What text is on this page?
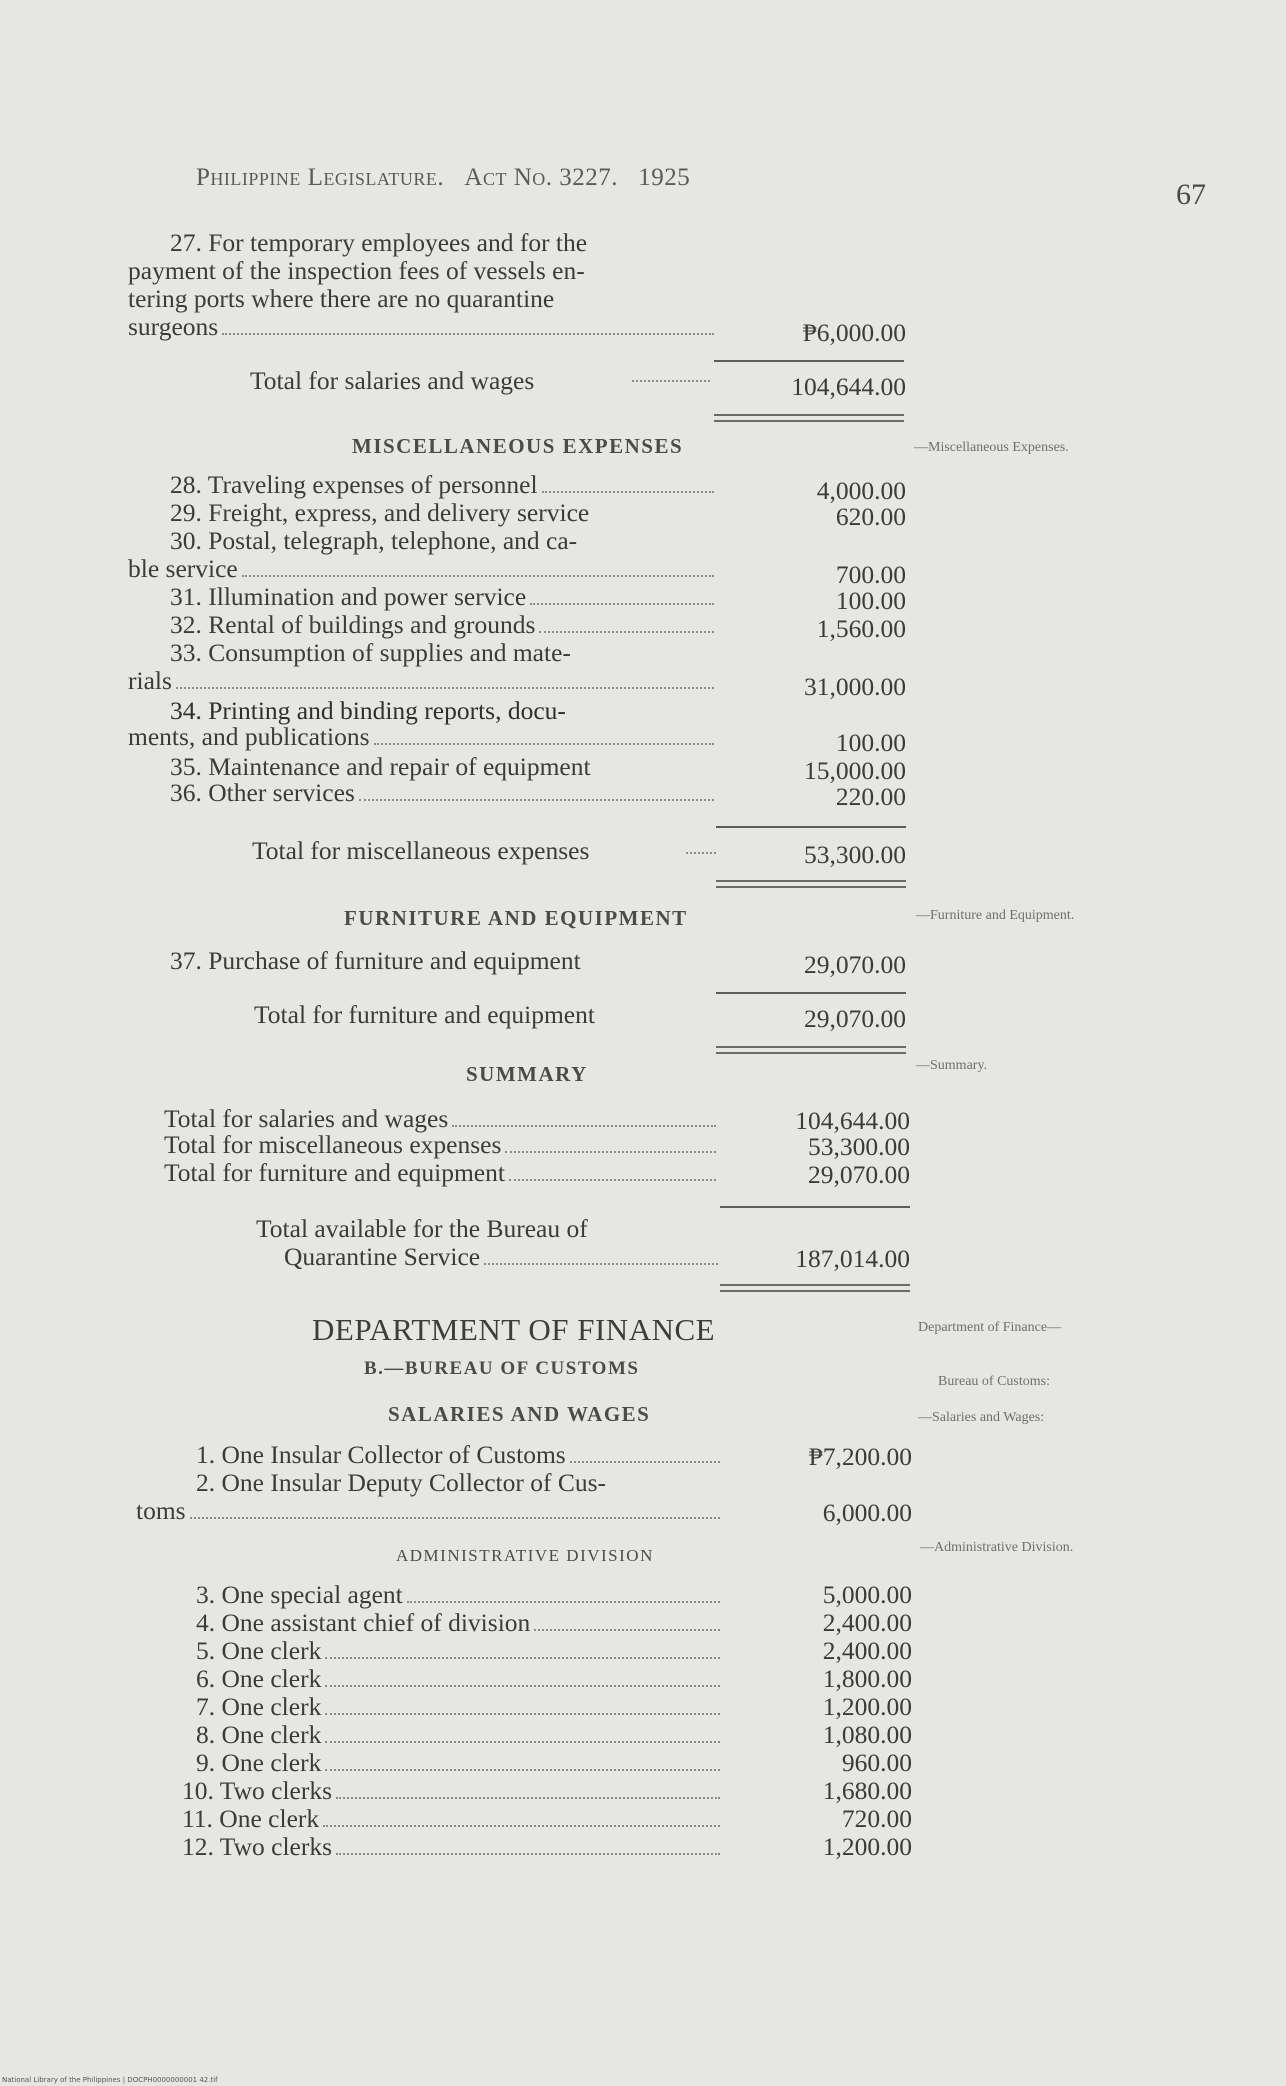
Philippine Legislature. Act No. 3227. 1925
67
27. For temporary employees and for the
payment of the inspection fees of vessels en-
tering ports where there are no quarantine
surgeons	₱6,000.00
Total for salaries and wages	104,644.00
MISCELLANEOUS EXPENSES	—Miscellaneous Expenses.
28. Traveling expenses of personnel	4,000.00
29. Freight, express, and delivery service	620.00
30. Postal, telegraph, telephone, and ca-
ble service	700.00
31. Illumination and power service	100.00
32. Rental of buildings and grounds	1,560.00
33. Consumption of supplies and mate-
rials	31,000.00
34. Printing and binding reports, docu-
ments, and publications	100.00
35. Maintenance and repair of equipment	15,000.00
36. Other services	220.00
Total for miscellaneous expenses	53,300.00
FURNITURE AND EQUIPMENT	—Furniture and Equipment.
37. Purchase of furniture and equipment	29,070.00
Total for furniture and equipment	29,070.00
SUMMARY	—Summary.
Total for salaries and wages	104,644.00
Total for miscellaneous expenses	53,300.00
Total for furniture and equipment	29,070.00
Total available for the Bureau of
Quarantine Service	187,014.00
DEPARTMENT OF FINANCE	Department of Finance—
B.—BUREAU OF CUSTOMS
Bureau of Customs:
SALARIES AND WAGES	—Salaries and Wages:
1. One Insular Collector of Customs	₱7,200.00
2. One Insular Deputy Collector of Cus-
toms	6,000.00
ADMINISTRATIVE DIVISION	—Administrative Division.
3. One special agent	5,000.00
4. One assistant chief of division	2,400.00
5. One clerk	2,400.00
6. One clerk	1,800.00
7. One clerk	1,200.00
8. One clerk	1,080.00
9. One clerk	960.00
10. Two clerks	1,680.00
11. One clerk	720.00
12. Two clerks	1,200.00
National Library of the Philippines | DOCPH0000000001 42.tif
